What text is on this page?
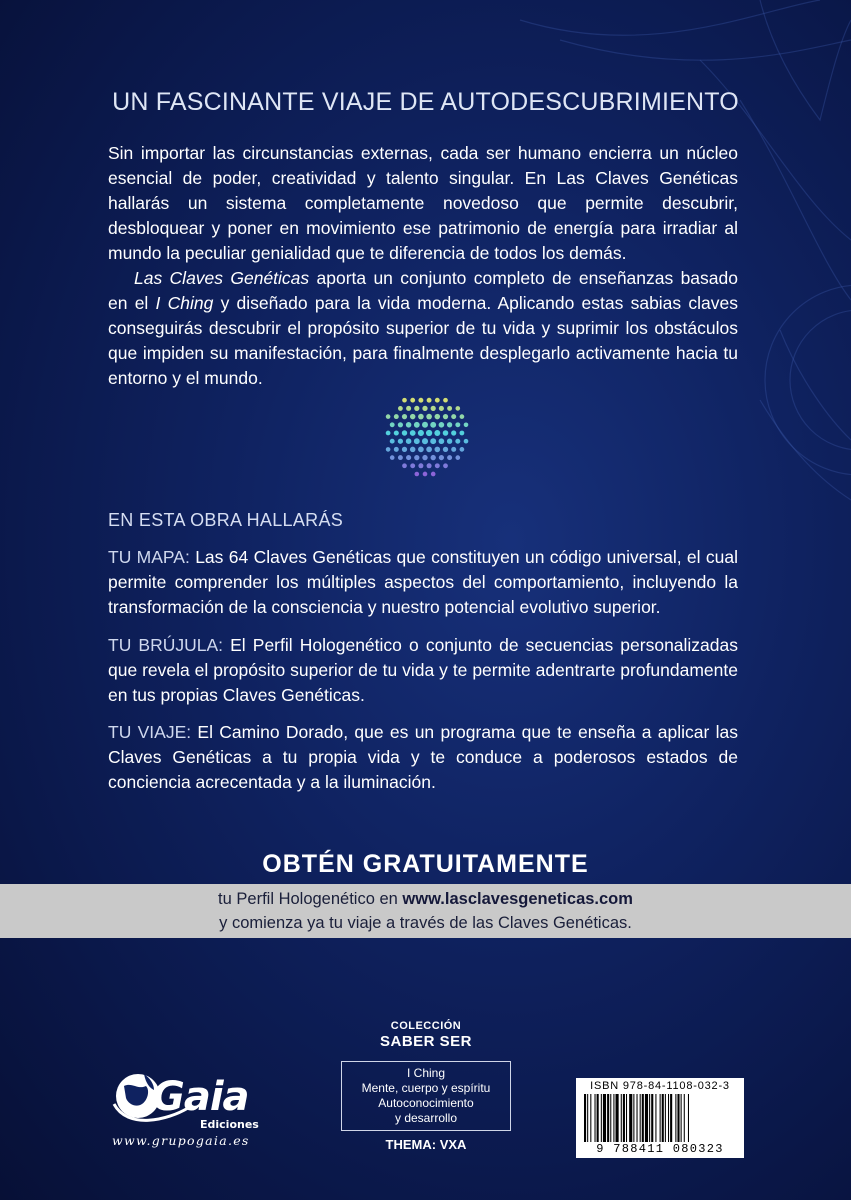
UN FASCINANTE VIAJE DE AUTODESCUBRIMIENTO

Sin importar las circunstancias externas, cada ser humano encierra un núcleo esencial de poder, creatividad y talento singular. En Las Claves Genéticas hallarás un sistema completamente novedoso que permite descubrir, desbloquear y poner en movimiento ese patrimonio de energía para irradiar al mundo la peculiar genialidad que te diferencia de todos los demás.

Las Claves Genéticas aporta un conjunto completo de enseñanzas basado en el I Ching y diseñado para la vida moderna. Aplicando estas sabias claves conseguirás descubrir el propósito superior de tu vida y suprimir los obstáculos que impiden su manifestación, para finalmente desplegarlo activamente hacia tu entorno y el mundo.

EN ESTA OBRA HALLARÁS
TU MAPA: Las 64 Claves Genéticas que constituyen un código universal, el cual permite comprender los múltiples aspectos del comportamiento, incluyendo la transformación de la consciencia y nuestro potencial evolutivo superior.
TU BRÚJULA: El Perfil Hologenético o conjunto de secuencias personalizadas que revela el propósito superior de tu vida y te permite adentrarte profundamente en tus propias Claves Genéticas.
TU VIAJE: El Camino Dorado, que es un programa que te enseña a aplicar las Claves Genéticas a tu propia vida y te conduce a poderosos estados de conciencia acrecentada y a la iluminación.
OBTÉN GRATUITAMENTE
tu Perfil Hologenético en www.lasclavesgeneticas.com
y comienza ya tu viaje a través de las Claves Genéticas.
Gaia
Ediciones
www.grupogaia.es
COLECCIÓN
SABER SER
I Ching
Mente, cuerpo y espíritu
Autoconocimiento
y desarrollo
THEMA: VXA
ISBN 978-84-1108-032-3
9 788411 080323
